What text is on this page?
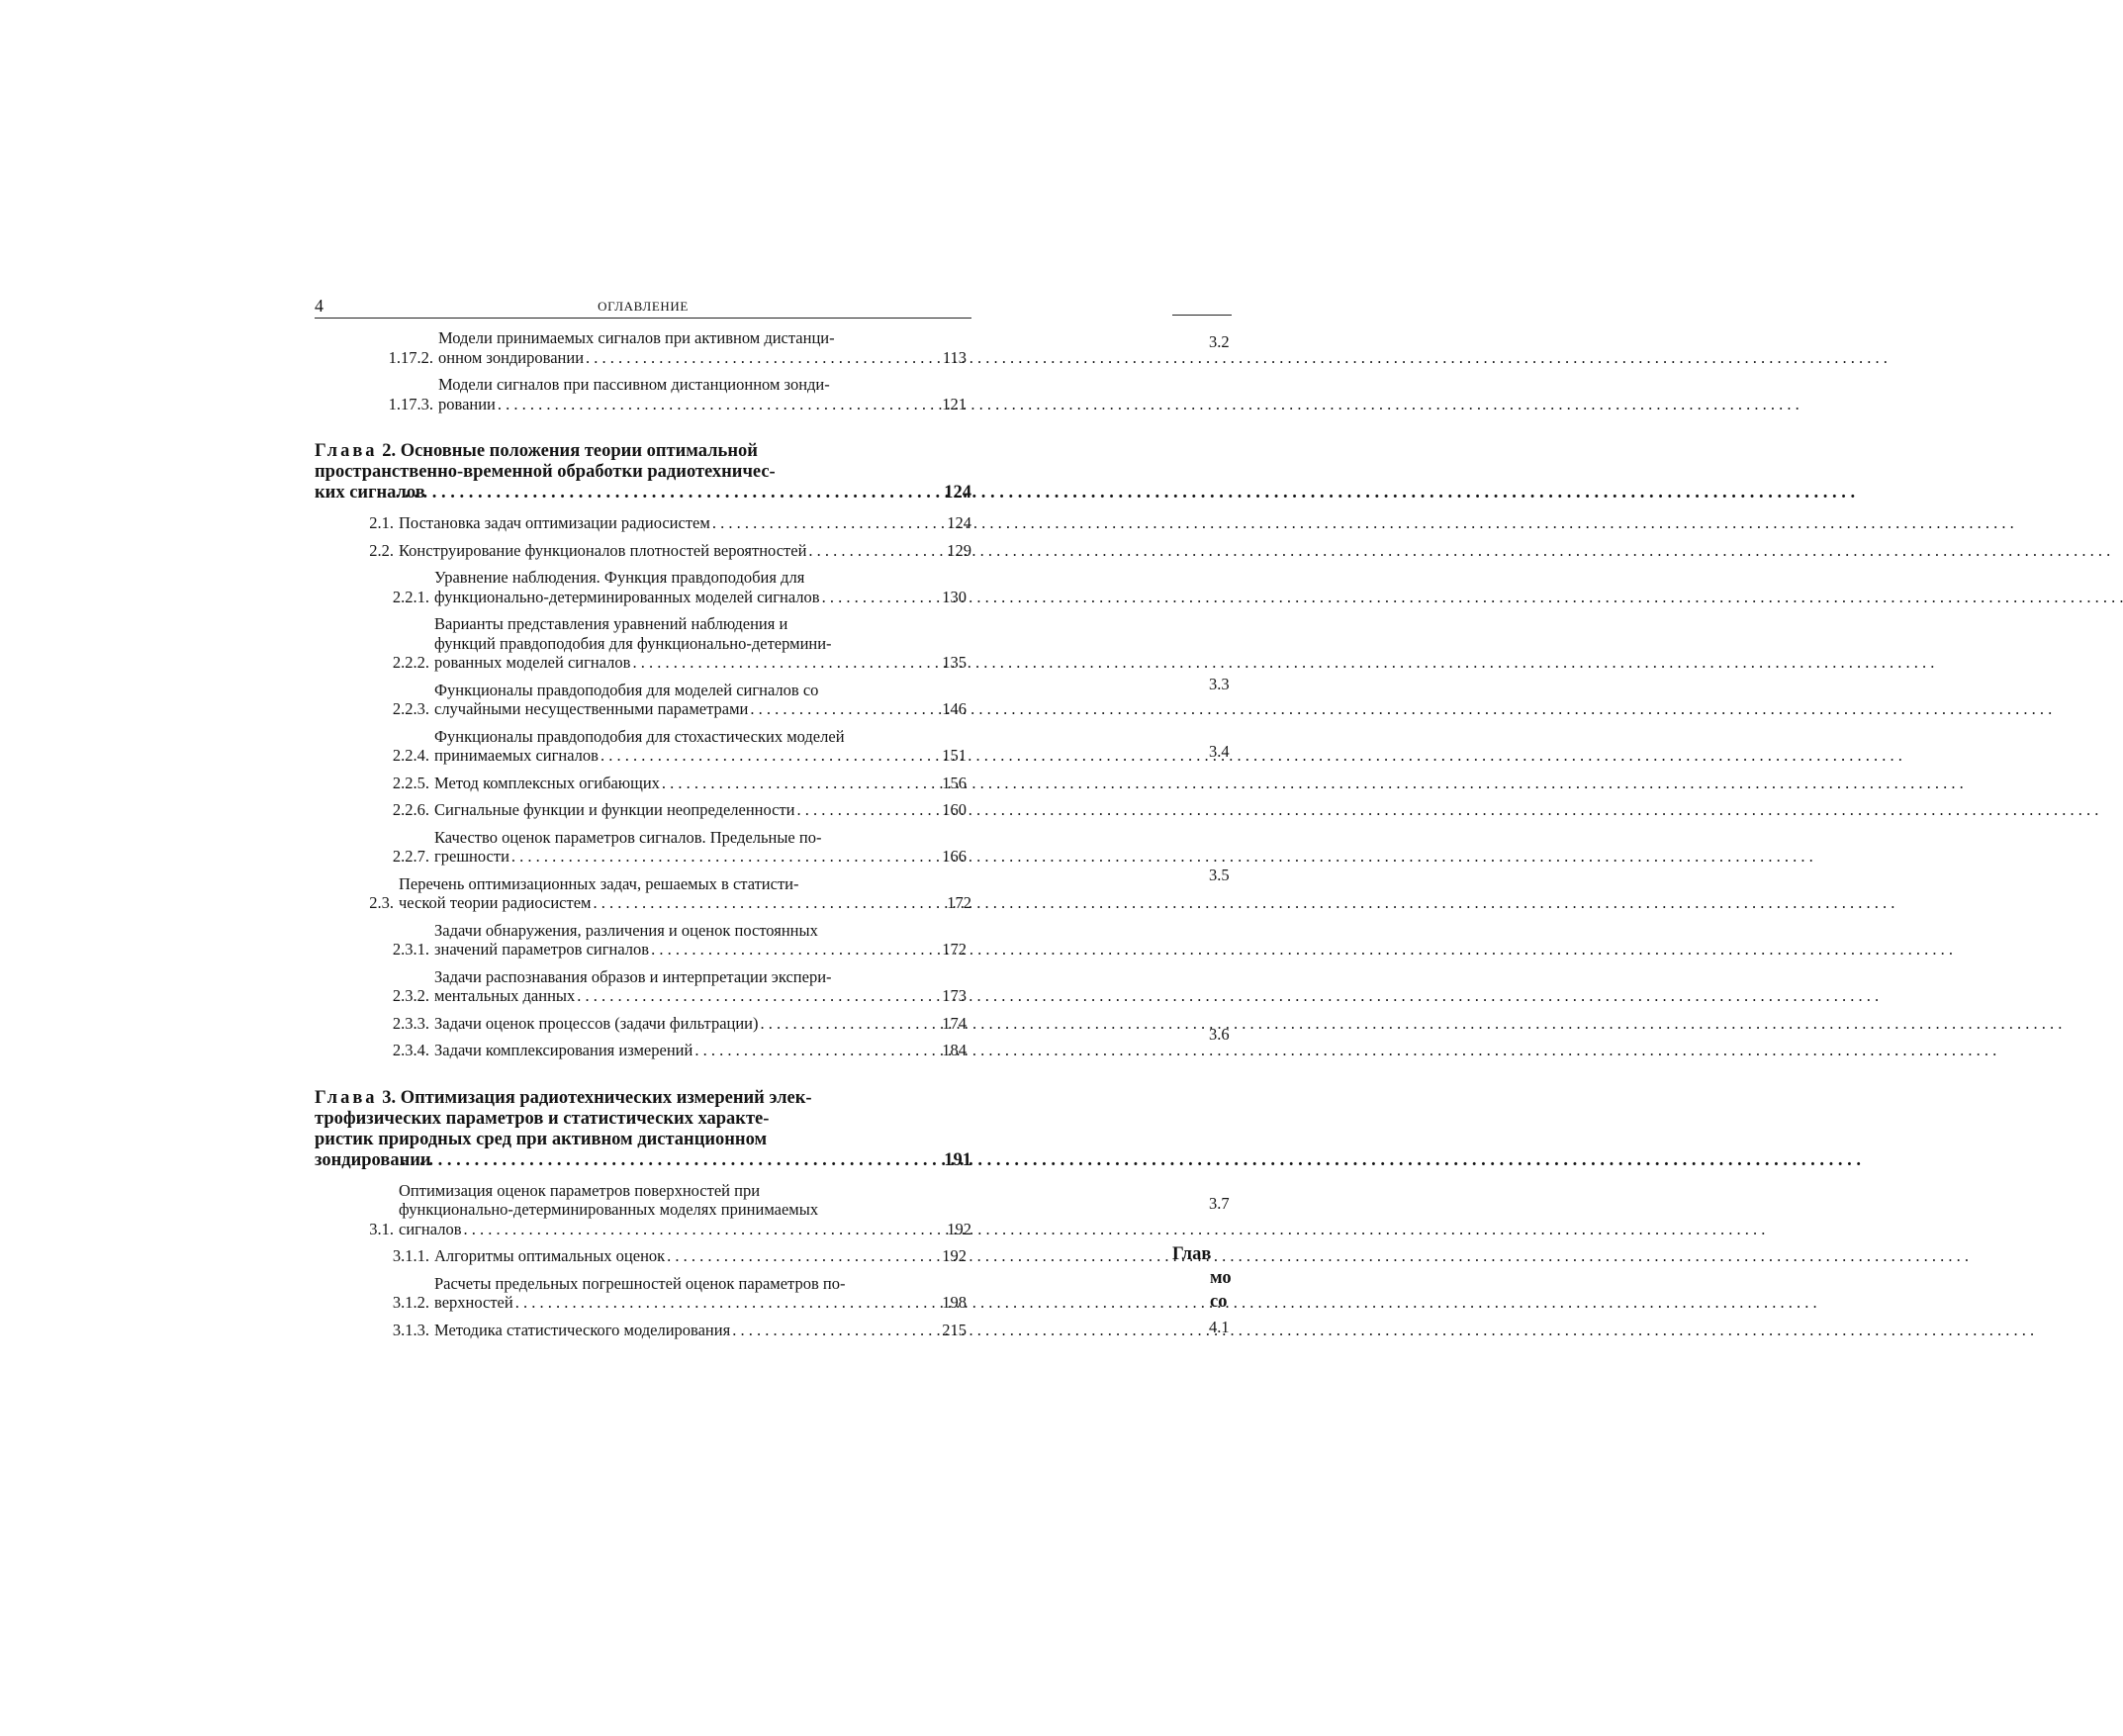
4	ОГЛАВЛЕНИЕ
1.17.2.
Модели принимаемых сигналов при активном дистанци-
онном зондировании . . .	113
1.17.3.
Модели сигналов при пассивном дистанционном зонди-
ровании . . .	121
Глава 2. Основные положения теории оптимальной
пространственно-временной обработки радиотехничес-
ких сигналов . . .	124
2.1. Постановка задач оптимизации радиосистем . . .	124
2.2. Конструирование функционалов плотностей вероятностей . . .	129
2.2.1.
Уравнение наблюдения. Функция правдоподобия для
функционально-детерминированных моделей сигналов . . .	130
2.2.2.
Варианты представления уравнений наблюдения и
функций правдоподобия для функционально-детермини-
рованных моделей сигналов . . .	135
2.2.3.
Функционалы правдоподобия для моделей сигналов со
случайными несущественными параметрами . . .	146
2.2.4.
Функционалы правдоподобия для стохастических моделей
принимаемых сигналов . . .	151
2.2.5. Метод комплексных огибающих . . .	156
2.2.6. Сигнальные функции и функции неопределенности . . .	160
2.2.7.
Качество оценок параметров сигналов. Предельные по-
грешности . . .	166
2.3.
Перечень оптимизационных задач, решаемых в статисти-
ческой теории радиосистем . . .	172
2.3.1.
Задачи обнаружения, различения и оценок постоянных
значений параметров сигналов . . .	172
2.3.2.
Задачи распознавания образов и интерпретации экспери-
ментальных данных . . .	173
2.3.3. Задачи оценок процессов (задачи фильтрации) . . .	174
2.3.4. Задачи комплексирования измерений . . .	184
Глава 3. Оптимизация радиотехнических измерений элек-
трофизических параметров и статистических характе-
ристик природных сред при активном дистанционном
зондировании . . .	191
3.1.
Оптимизация оценок параметров поверхностей при
функционально-детерминированных моделях принимаемых
сигналов . . .	192
3.1.1. Алгоритмы оптимальных оценок . . .	192
3.1.2.
Расчеты предельных погрешностей оценок параметров по-
верхностей . . .	198
3.1.3. Методика статистического моделирования . . .	215
3.2
3.3
3.4
3.5
3.6
3.7
Глав
мо
со
4.1
